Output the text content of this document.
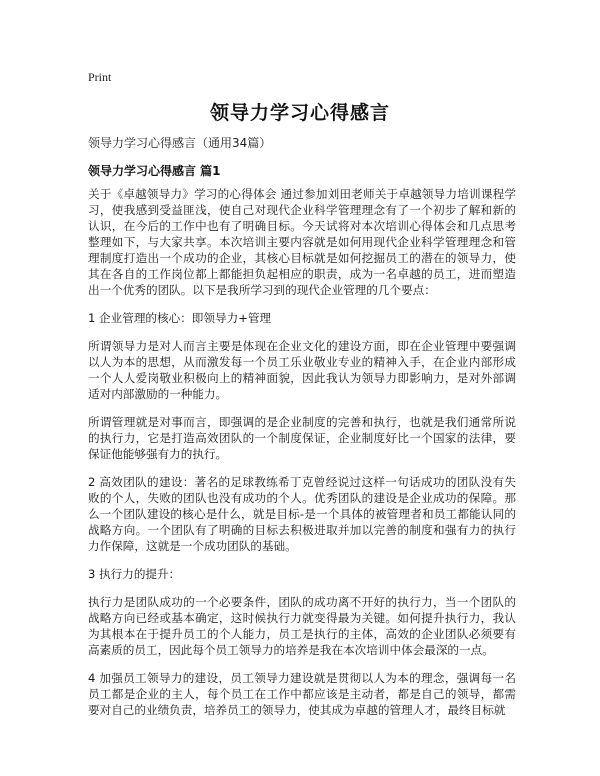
Print
领导力学习心得感言
领导力学习心得感言（通用34篇）
领导力学习心得感言 篇1

关于《卓越领导力》学习的心得体会 通过参加刘田老师关于卓越领导力培训课程学习，使我感到受益匪浅，使自己对现代企业科学管理理念有了一个初步了解和新的认识，在今后的工作中也有了明确目标。今天试将对本次培训心得体会和几点思考整理如下，与大家共享。本次培训主要内容就是如何用现代企业科学管理理念和管理制度打造出一个成功的企业，其核心目标就是如何挖掘员工的潜在的领导力，使其在各自的工作岗位都上都能担负起相应的职责，成为一名卓越的员工，进而塑造出一个优秀的团队。以下是我所学习到的现代企业管理的几个要点：

1 企业管理的核心：即领导力+管理

所谓领导力是对人而言主要是体现在企业文化的建设方面，即在企业管理中要强调以人为本的思想，从而激发每一个员工乐业敬业专业的精神入手，在企业内部形成一个人人爱岗敬业积极向上的精神面貌，因此我认为领导力即影响力，是对外部调适对内部激励的一种能力。

所谓管理就是对事而言，即强调的是企业制度的完善和执行，也就是我们通常所说的执行力，它是打造高效团队的一个制度保证，企业制度好比一个国家的法律，要保证他能够强有力的执行。

2 高效团队的建设：著名的足球教练希丁克曾经说过这样一句话成功的团队没有失败的个人，失败的团队也没有成功的个人。优秀团队的建设是企业成功的保障。那么一个团队建设的核心是什么，就是目标-是一个具体的被管理者和员工都能认同的战略方向。一个团队有了明确的目标去积极进取并加以完善的制度和强有力的执行力作保障，这就是一个成功团队的基础。

3 执行力的提升：

执行力是团队成功的一个必要条件，团队的成功离不开好的执行力，当一个团队的战略方向已经或基本确定，这时候执行力就变得最为关键。如何提升执行力，我认为其根本在于提升员工的个人能力，员工是执行的主体，高效的企业团队必须要有高素质的员工，因此每个员工领导力的培养是我在本次培训中体会最深的一点。

4 加强员工领导力的建设，员工领导力建设就是贯彻以人为本的理念，强调每一名员工都是企业的主人，每个员工在工作中都应该是主动者，都是自己的领导，都需要对自己的业绩负责，培养员工的领导力，使其成为卓越的管理人才，最终目标就
